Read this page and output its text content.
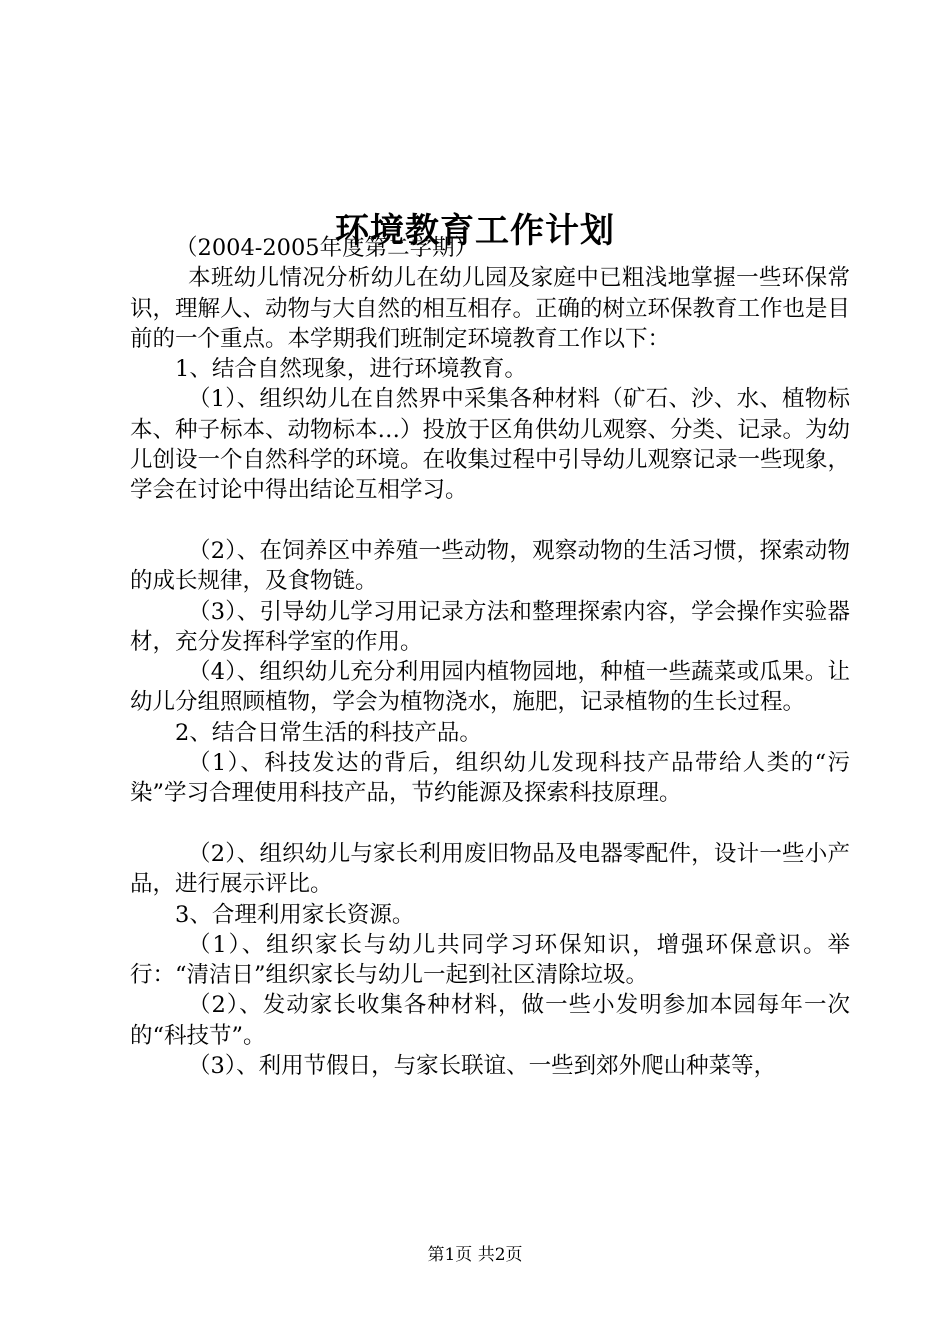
环境教育工作计划

（2004-2005年度第二学期）

本班幼儿情况分析幼儿在幼儿园及家庭中已粗浅地掌握一些环保常识，理解人、动物与大自然的相互相存。正确的树立环保教育工作也是目前的一个重点。本学期我们班制定环境教育工作以下：

1、结合自然现象，进行环境教育。

（1）、组织幼儿在自然界中采集各种材料（矿石、沙、水、植物标本、种子标本、动物标本…）投放于区角供幼儿观察、分类、记录。为幼儿创设一个自然科学的环境。在收集过程中引导幼儿观察记录一些现象，学会在讨论中得出结论互相学习。

（2）、在饲养区中养殖一些动物，观察动物的生活习惯，探索动物的成长规律，及食物链。

（3）、引导幼儿学习用记录方法和整理探索内容，学会操作实验器材，充分发挥科学室的作用。

（4）、组织幼儿充分利用园内植物园地，种植一些蔬菜或瓜果。让幼儿分组照顾植物，学会为植物浇水，施肥，记录植物的生长过程。

2、结合日常生活的科技产品。

（1）、科技发达的背后，组织幼儿发现科技产品带给人类的“污染”学习合理使用科技产品，节约能源及探索科技原理。

（2）、组织幼儿与家长利用废旧物品及电器零配件，设计一些小产品，进行展示评比。

3、合理利用家长资源。

（1）、组织家长与幼儿共同学习环保知识，增强环保意识。举行：“清洁日”组织家长与幼儿一起到社区清除垃圾。

（2）、发动家长收集各种材料，做一些小发明参加本园每年一次的“科技节”。

（3）、利用节假日，与家长联谊、一些到郊外爬山种菜等，

第1页 共2页
